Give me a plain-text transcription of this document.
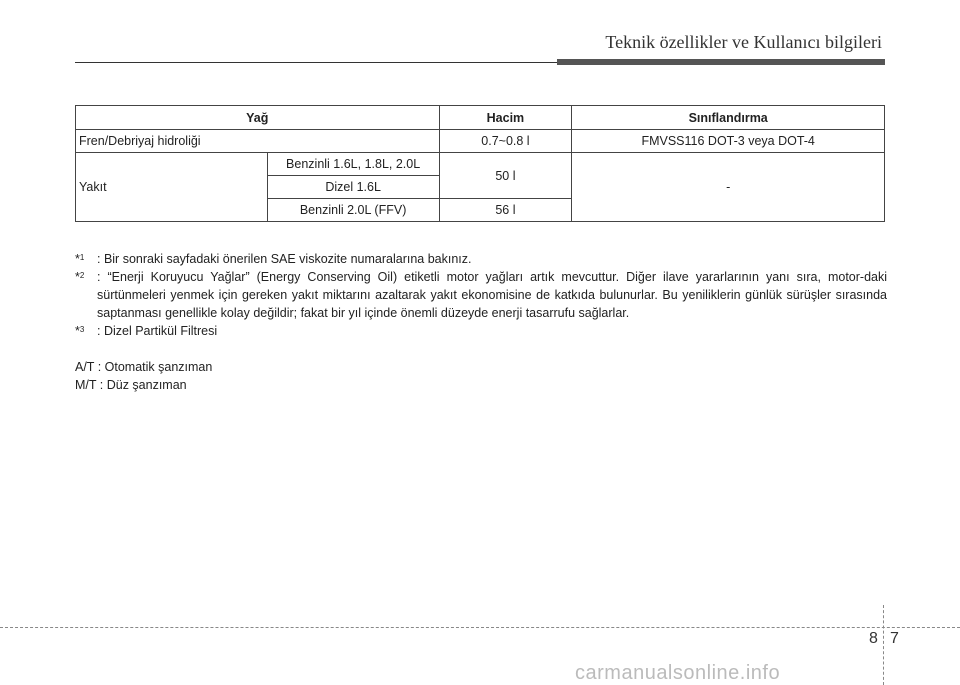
Teknik özellikler ve Kullanıcı bilgileri
Yağ		Hacim	Sınıflandırma
Fren/Debriyaj hidroliği		0.7~0.8 l	FMVSS116 DOT-3 veya DOT-4
Yakıt	Benzinli 1.6L, 1.8L, 2.0L	50 l	-
	Dizel 1.6L		
	Benzinli 2.0L (FFV)	56 l	
*$^1$ : Bir sonraki sayfadaki önerilen SAE viskozite numaralarına bakınız.
*$^2$ : “Enerji Koruyucu Yağlar” (Energy Conserving Oil) etiketli motor yağları artık mevcuttur. Diğer ilave yararlarının yanı sıra, motor-daki sürtünmeleri yenmek için gereken yakıt miktarını azaltarak yakıt ekonomisine de katkıda bulunurlar. Bu yeniliklerin günlük sürüşler sırasında saptanması genellikle kolay değildir; fakat bir yıl içinde önemli düzeyde enerji tasarrufu sağlarlar.
*$^3$ : Dizel Partikül Filtresi
A/T : Otomatik şanzıman
M/T : Düz şanzıman
8 7
carmanualsonline.info
